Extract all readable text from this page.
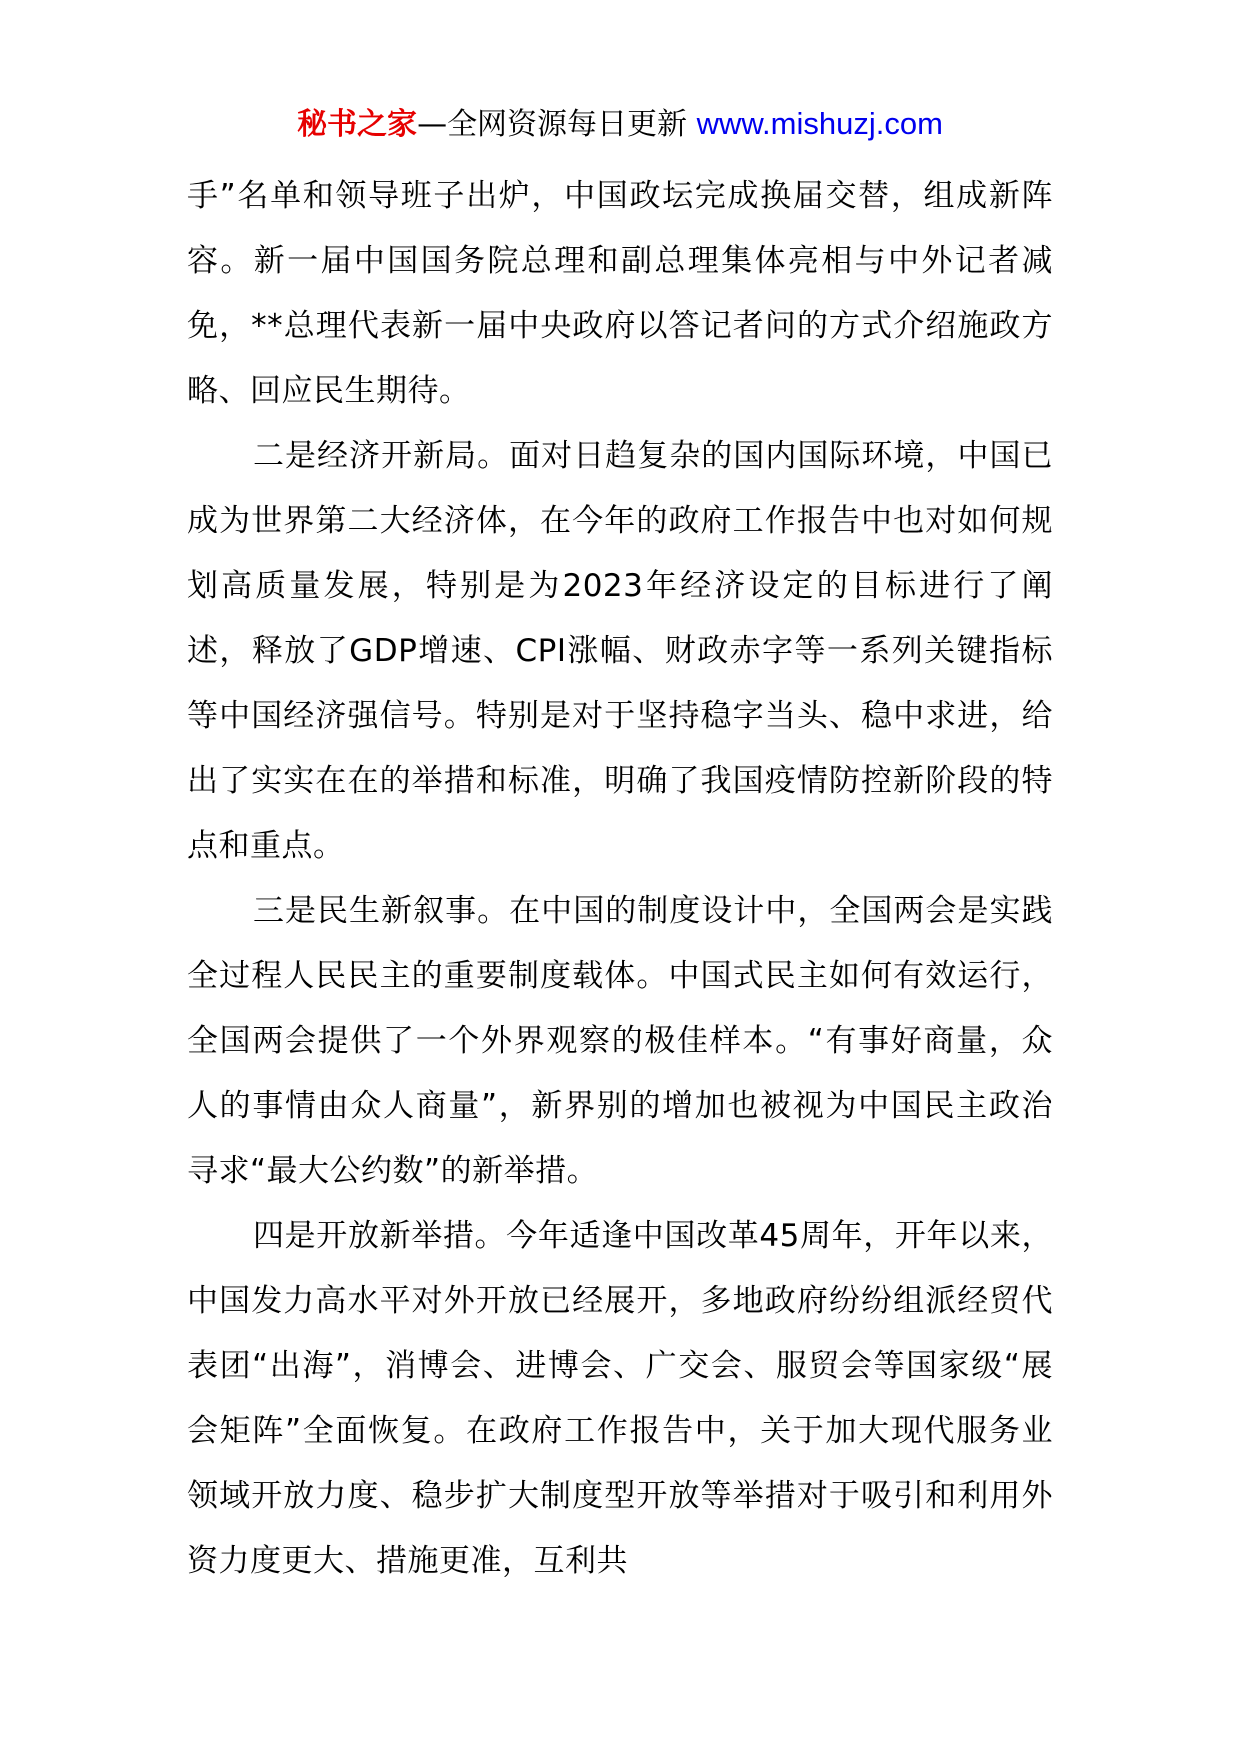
秘书之家—全网资源每日更新 www.mishuzj.com

手”名单和领导班子出炉，中国政坛完成换届交替，组成新阵容。新一届中国国务院总理和副总理集体亮相与中外记者减免，**总理代表新一届中央政府以答记者问的方式介绍施政方略、回应民生期待。

二是经济开新局。面对日趋复杂的国内国际环境，中国已成为世界第二大经济体，在今年的政府工作报告中也对如何规划高质量发展，特别是为2023年经济设定的目标进行了阐述，释放了GDP增速、CPI涨幅、财政赤字等一系列关键指标等中国经济强信号。特别是对于坚持稳字当头、稳中求进，给出了实实在在的举措和标准，明确了我国疫情防控新阶段的特点和重点。

三是民生新叙事。在中国的制度设计中，全国两会是实践全过程人民民主的重要制度载体。中国式民主如何有效运行，全国两会提供了一个外界观察的极佳样本。“有事好商量，众人的事情由众人商量”，新界别的增加也被视为中国民主政治寻求“最大公约数”的新举措。

四是开放新举措。今年适逢中国改革45周年，开年以来，中国发力高水平对外开放已经展开，多地政府纷纷组派经贸代表团“出海”，消博会、进博会、广交会、服贸会等国家级“展会矩阵”全面恢复。在政府工作报告中，关于加大现代服务业领域开放力度、稳步扩大制度型开放等举措对于吸引和利用外资力度更大、措施更准，互利共
